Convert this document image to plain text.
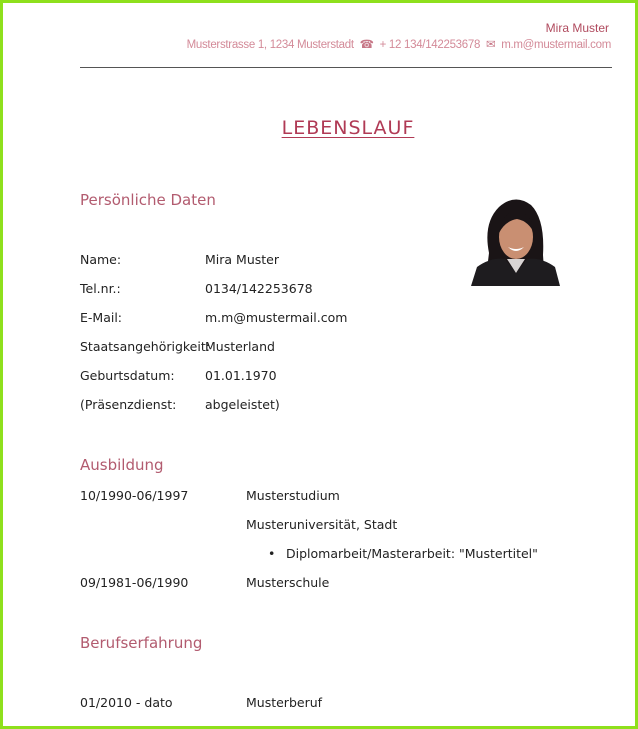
Mira Muster
Musterstrasse 1, 1234 Musterstadt ☎ + 12 134/142253678 ✉ m.m@mustermail.com
LEBENSLAUF
Persönliche Daten
Name:	Mira Muster
Tel.nr.:	0134/142253678
E-Mail:	m.m@mustermail.com
Staatsangehörigkeit:
Musterland
Geburtsdatum: 01.01.1970
(Präsenzdienst: abgeleistet)
Ausbildung
10/1990-06/1997	Musterstudium
Musteruniversität, Stadt
• Diplomarbeit/Masterarbeit: "Mustertitel"
09/1981-06/1990	Musterschule
Berufserfahrung
01/2010 - dato	Musterberuf
